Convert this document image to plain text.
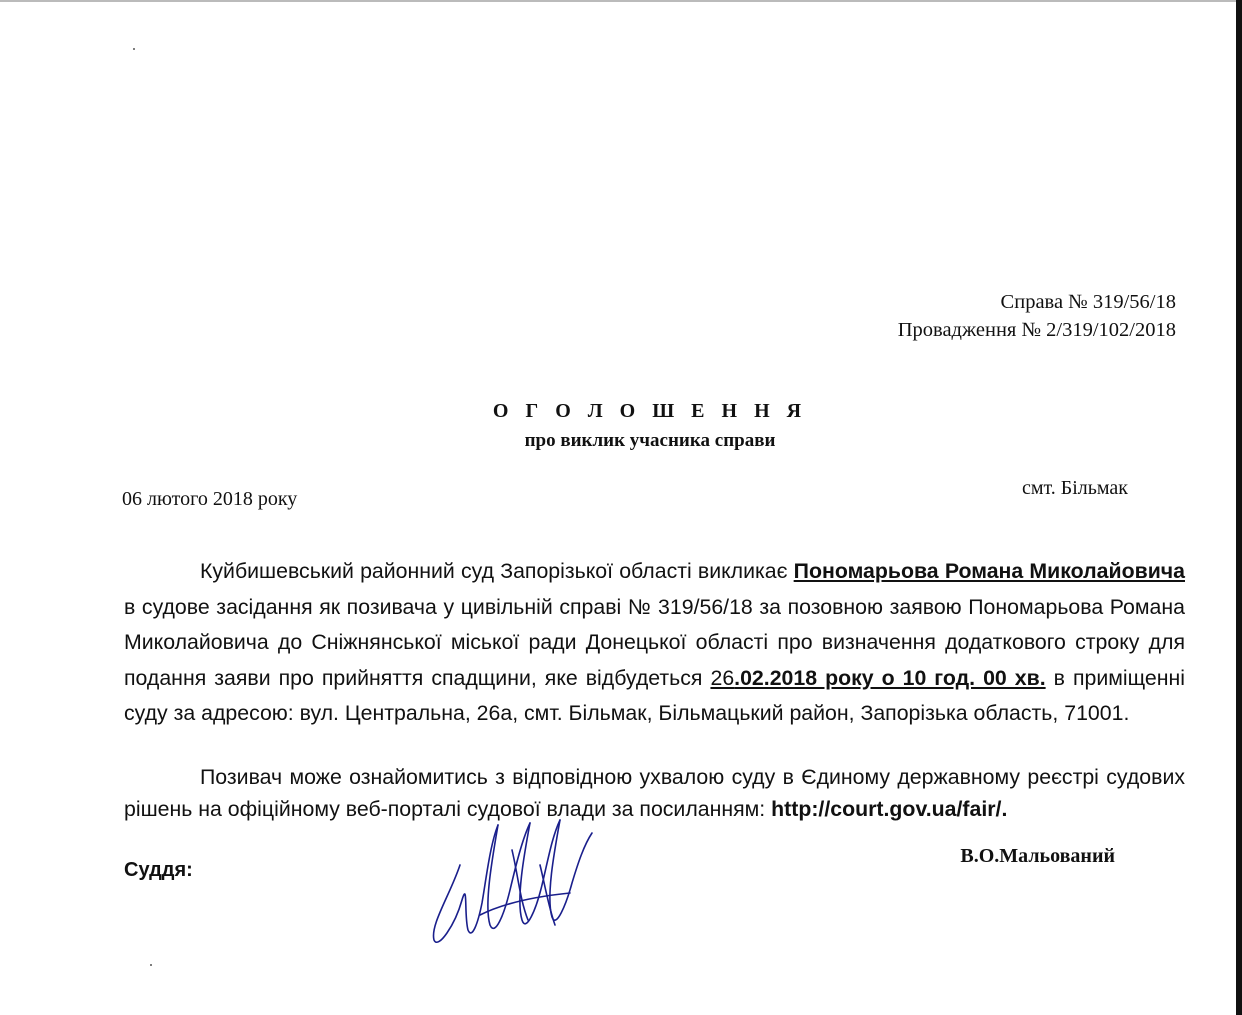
Справа № 319/56/18
Провадження № 2/319/102/2018
О Г О Л О Ш Е Н Н Я
про виклик учасника справи
06 лютого 2018 року	смт. Більмак

Куйбишевський районний суд Запорізької області викликає Пономарьова Романа Миколайовича в судове засідання як позивача у цивільній справі № 319/56/18 за позовною заявою Пономарьова Романа Миколайовича до Сніжнянської міської ради Донецької області про визначення додаткового строку для подання заяви про прийняття спадщини, яке відбудеться 26.02.2018 року о 10 год. 00 хв. в приміщенні суду за адресою: вул. Центральна, 26а, смт. Більмак, Більмацький район, Запорізька область, 71001.

Позивач може ознайомитись з відповідною ухвалою суду в Єдиному державному реєстрі судових рішень на офіційному веб-порталі судової влади за посиланням: http://court.gov.ua/fair/.

Суддя:
В.О.Мальований
